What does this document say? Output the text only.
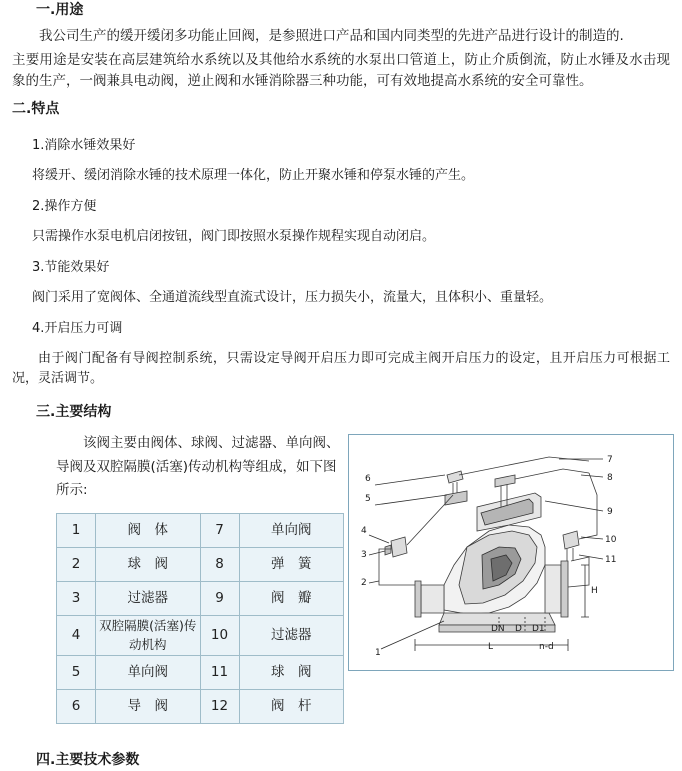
一.用途

我公司生产的缓开缓闭多功能止回阀，是参照进口产品和国内同类型的先进产品进行设计的制造的.

主要用途是安装在高层建筑给水系统以及其他给水系统的水泵出口管道上，防止介质倒流，防止水锤及水击现象的生产，一阀兼具电动阀，逆止阀和水锤消除器三种功能，可有效地提高水系统的安全可靠性。

二.特点

1.消除水锤效果好

将缓开、缓闭消除水锤的技术原理一体化，防止开聚水锤和停泵水锤的产生。

2.操作方便

只需操作水泵电机启闭按钮，阀门即按照水泵操作规程实现自动闭启。

3.节能效果好

阀门采用了宽阀体、全通道流线型直流式设计，压力损失小，流量大，且体积小、重量轻。

4.开启压力可调

由于阀门配备有导阀控制系统，只需设定导阀开启压力即可完成主阀开启压力的设定，且开启压力可根据工况，灵活调节。

三.主要结构

该阀主要由阀体、球阀、过滤器、单向阀、导阀及双腔隔膜(活塞)传动机构等组成，如下图所示:

1	阀　体	7	单向阀
2	球　阀	8	弹　簧
3	过滤器	9	阀　瓣
4	双腔隔膜(活塞)传动机构	10	过滤器
5	单向阀	11	球　阀
6	导　阀	12	阀　杆
6
5
4
3
2
1
7
8
9
10
11
L
H
DN D D1
n-d
四.主要技术参数
